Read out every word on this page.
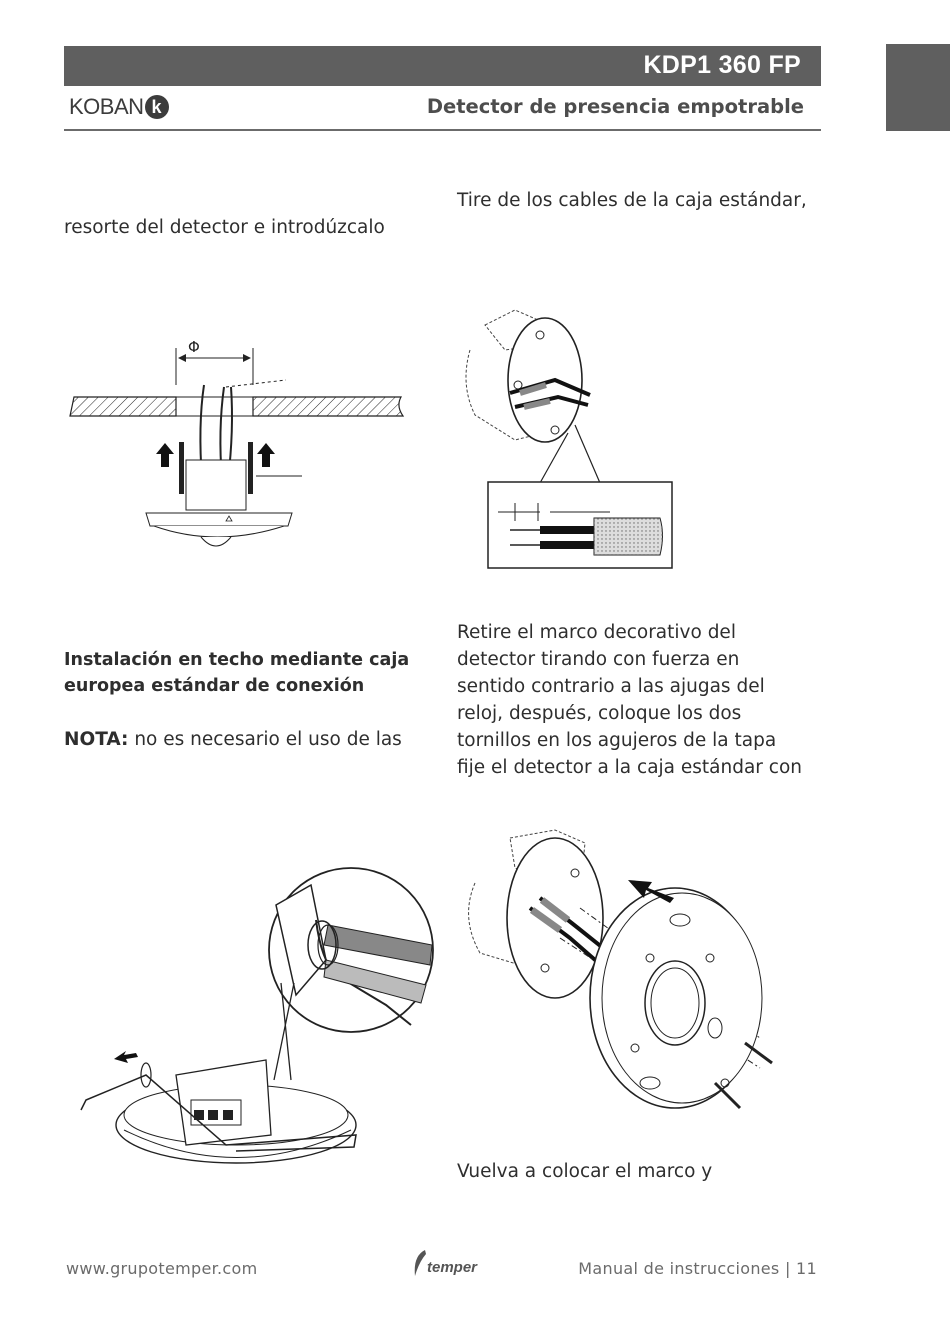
KDP1 360 FP
KOBAN k	Detector de presencia empotrable
Tire de los cables de la caja estándar,
resorte del detector e introdúzcalo
Instalación en techo mediante caja
europea estándar de conexión
NOTA: no es necesario el uso de las
Retire el marco decorativo del
detector tirando con fuerza en
sentido contrario a las ajugas del
reloj, después, coloque los dos
tornillos en los agujeros de la tapa
fije el detector a la caja estándar con
Vuelva a colocar el marco y
Φ
www.grupotemper.com	temper	Manual de instrucciones | 11
